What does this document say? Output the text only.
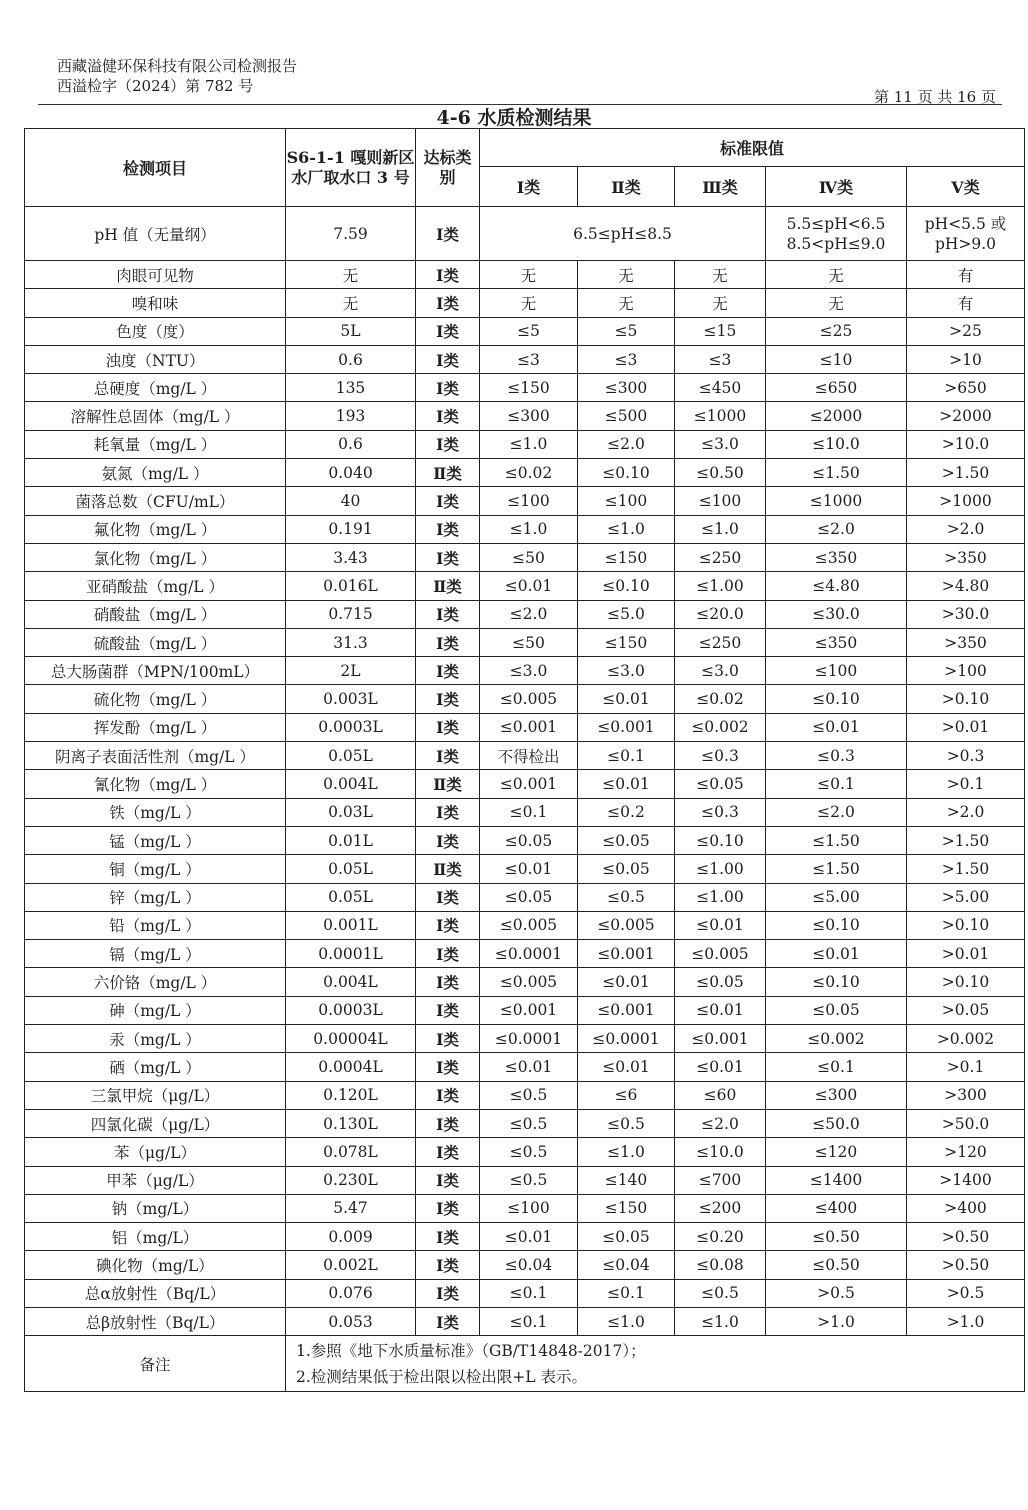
西藏溢健环保科技有限公司检测报告
西溢检字（2024）第 782 号
第 11 页 共 16 页
4-6 水质检测结果
检测项目	S6-1-1 嘎则新区水厂取水口 3 号	达标类别	标准限值				
			Ⅰ类	Ⅱ类	Ⅲ类	Ⅳ类	Ⅴ类
pH 值（无量纲）	7.59	Ⅰ类	6.5≤pH≤8.5			5.5≤pH<6.5 8.5<pH≤9.0	pH<5.5 或 pH>9.0
肉眼可见物	无	Ⅰ类	无	无	无	无	有
嗅和味	无	Ⅰ类	无	无	无	无	有
色度（度）	5L	Ⅰ类	≤5	≤5	≤15	≤25	>25
浊度（NTU）	0.6	Ⅰ类	≤3	≤3	≤3	≤10	>10
总硬度（mg/L ）	135	Ⅰ类	≤150	≤300	≤450	≤650	>650
溶解性总固体（mg/L ）	193	Ⅰ类	≤300	≤500	≤1000	≤2000	>2000
耗氧量（mg/L ）	0.6	Ⅰ类	≤1.0	≤2.0	≤3.0	≤10.0	>10.0
氨氮（mg/L ）	0.040	Ⅱ类	≤0.02	≤0.10	≤0.50	≤1.50	>1.50
菌落总数（CFU/mL）	40	Ⅰ类	≤100	≤100	≤100	≤1000	>1000
氟化物（mg/L ）	0.191	Ⅰ类	≤1.0	≤1.0	≤1.0	≤2.0	>2.0
氯化物（mg/L ）	3.43	Ⅰ类	≤50	≤150	≤250	≤350	>350
亚硝酸盐（mg/L ）	0.016L	Ⅱ类	≤0.01	≤0.10	≤1.00	≤4.80	>4.80
硝酸盐（mg/L ）	0.715	Ⅰ类	≤2.0	≤5.0	≤20.0	≤30.0	>30.0
硫酸盐（mg/L ）	31.3	Ⅰ类	≤50	≤150	≤250	≤350	>350
总大肠菌群（MPN/100mL）	2L	Ⅰ类	≤3.0	≤3.0	≤3.0	≤100	>100
硫化物（mg/L ）	0.003L	Ⅰ类	≤0.005	≤0.01	≤0.02	≤0.10	>0.10
挥发酚（mg/L ）	0.0003L	Ⅰ类	≤0.001	≤0.001	≤0.002	≤0.01	>0.01
阴离子表面活性剂（mg/L ）	0.05L	Ⅰ类	不得检出	≤0.1	≤0.3	≤0.3	>0.3
氰化物（mg/L ）	0.004L	Ⅱ类	≤0.001	≤0.01	≤0.05	≤0.1	>0.1
铁（mg/L ）	0.03L	Ⅰ类	≤0.1	≤0.2	≤0.3	≤2.0	>2.0
锰（mg/L ）	0.01L	Ⅰ类	≤0.05	≤0.05	≤0.10	≤1.50	>1.50
铜（mg/L ）	0.05L	Ⅱ类	≤0.01	≤0.05	≤1.00	≤1.50	>1.50
锌（mg/L ）	0.05L	Ⅰ类	≤0.05	≤0.5	≤1.00	≤5.00	>5.00
铅（mg/L ）	0.001L	Ⅰ类	≤0.005	≤0.005	≤0.01	≤0.10	>0.10
镉（mg/L ）	0.0001L	Ⅰ类	≤0.0001	≤0.001	≤0.005	≤0.01	>0.01
六价铬（mg/L ）	0.004L	Ⅰ类	≤0.005	≤0.01	≤0.05	≤0.10	>0.10
砷（mg/L ）	0.0003L	Ⅰ类	≤0.001	≤0.001	≤0.01	≤0.05	>0.05
汞（mg/L ）	0.00004L	Ⅰ类	≤0.0001	≤0.0001	≤0.001	≤0.002	>0.002
硒（mg/L ）	0.0004L	Ⅰ类	≤0.01	≤0.01	≤0.01	≤0.1	>0.1
三氯甲烷（μg/L）	0.120L	Ⅰ类	≤0.5	≤6	≤60	≤300	>300
四氯化碳（μg/L）	0.130L	Ⅰ类	≤0.5	≤0.5	≤2.0	≤50.0	>50.0
苯（μg/L）	0.078L	Ⅰ类	≤0.5	≤1.0	≤10.0	≤120	>120
甲苯（μg/L）	0.230L	Ⅰ类	≤0.5	≤140	≤700	≤1400	>1400
钠（mg/L）	5.47	Ⅰ类	≤100	≤150	≤200	≤400	>400
铝（mg/L）	0.009	Ⅰ类	≤0.01	≤0.05	≤0.20	≤0.50	>0.50
碘化物（mg/L）	0.002L	Ⅰ类	≤0.04	≤0.04	≤0.08	≤0.50	>0.50
总α放射性（Bq/L）	0.076	Ⅰ类	≤0.1	≤0.1	≤0.5	>0.5	>0.5
总β放射性（Bq/L）	0.053	Ⅰ类	≤0.1	≤1.0	≤1.0	>1.0	>1.0
备注	1.参照《地下水质量标准》（GB/T14848-2017）；
2.检测结果低于检出限以检出限+L 表示。						
